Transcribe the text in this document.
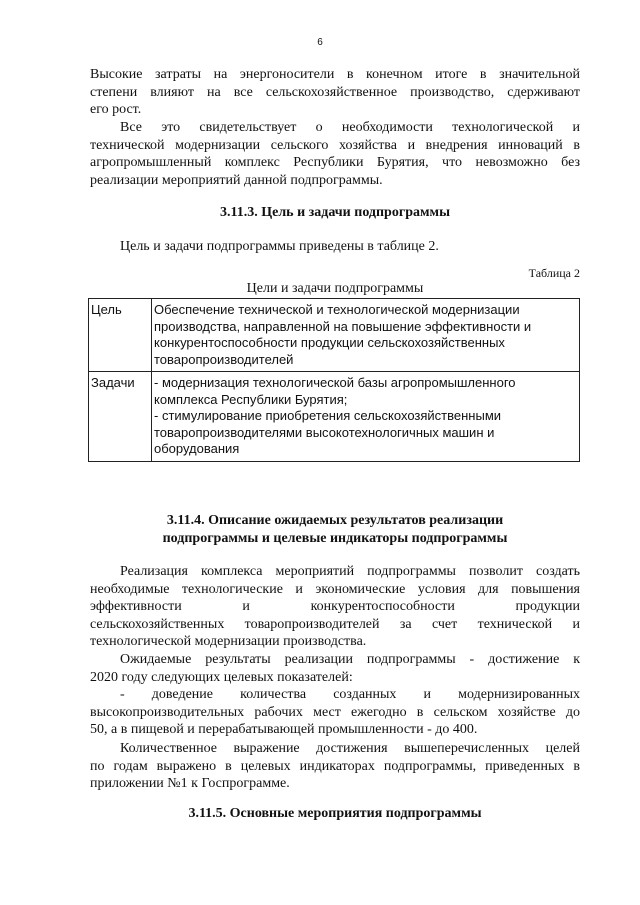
6
Высокие затраты на энергоносители в конечном итоге в значительной
степени влияют на все сельскохозяйственное производство, сдерживают
его рост.
Все это свидетельствует о необходимости технологической и
технической модернизации сельского хозяйства и внедрения инноваций в
агропромышленный комплекс Республики Бурятия, что невозможно без
реализации мероприятий данной подпрограммы.
3.11.3. Цель и задачи подпрограммы
Цель и задачи подпрограммы приведены в таблице 2.
Таблица 2
Цели и задачи подпрограммы
Цель	Обеспечение технической и технологической модернизации
производства, направленной на повышение эффективности и
конкурентоспособности продукции сельскохозяйственных
товаропроизводителей

Задачи	- модернизация технологической базы агропромышленного
комплекса Республики Бурятия;
- стимулирование приобретения сельскохозяйственными
товаропроизводителями высокотехнологичных машин и
оборудования
3.11.4. Описание ожидаемых результатов реализации
подпрограммы и целевые индикаторы подпрограммы
Реализация комплекса мероприятий подпрограммы позволит создать
необходимые технологические и экономические условия для повышения
эффективности и конкурентоспособности продукции
сельскохозяйственных товаропроизводителей за счет технической и
технологической модернизации производства.
Ожидаемые результаты реализации подпрограммы - достижение к
2020 году следующих целевых показателей:
- доведение количества созданных и модернизированных
высокопроизводительных рабочих мест ежегодно в сельском хозяйстве до
50, а в пищевой и перерабатывающей промышленности - до 400.
Количественное выражение достижения вышеперечисленных целей
по годам выражено в целевых индикаторах подпрограммы, приведенных в
приложении №1 к Госпрограмме.
3.11.5. Основные мероприятия подпрограммы
